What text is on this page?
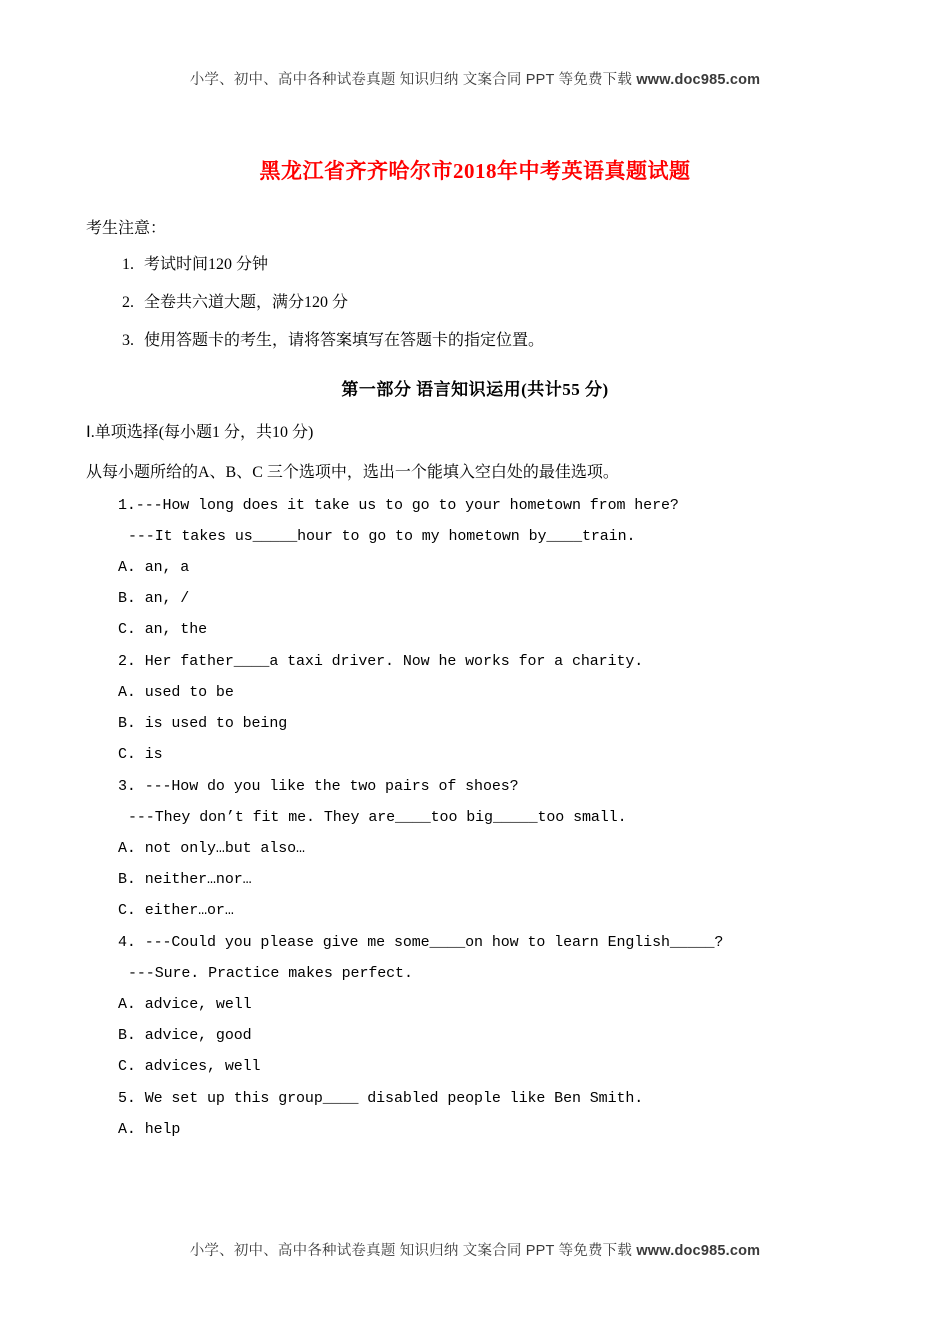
小学、初中、高中各种试卷真题 知识归纳 文案合同 PPT 等免费下载 www.doc985.com
黑龙江省齐齐哈尔市2018年中考英语真题试题
考生注意：
1. 考试时间120 分钟
2. 全卷共六道大题，满分120 分
3. 使用答题卡的考生，请将答案填写在答题卡的指定位置。
第一部分 语言知识运用(共计55 分)
Ⅰ.单项选择(每小题1 分，共10 分)
从每小题所给的A、B、C 三个选项中，选出一个能填入空白处的最佳选项。
1.---How long does it take us to go to your hometown from here?
---It takes us_____hour to go to my hometown by____train.
A. an, a
B. an, /
C. an, the
2. Her father____a taxi driver. Now he works for a charity.
A. used to be
B. is used to being
C. is
3. ---How do you like the two pairs of shoes?
---They don’t fit me. They are____too big_____too small.
A. not only…but also…
B. neither…nor…
C. either…or…
4. ---Could you please give me some____on how to learn English_____?
---Sure. Practice makes perfect.
A. advice, well
B. advice, good
C. advices, well
5. We set up this group____ disabled people like Ben Smith.
A. help
小学、初中、高中各种试卷真题 知识归纳 文案合同 PPT 等免费下载 www.doc985.com
